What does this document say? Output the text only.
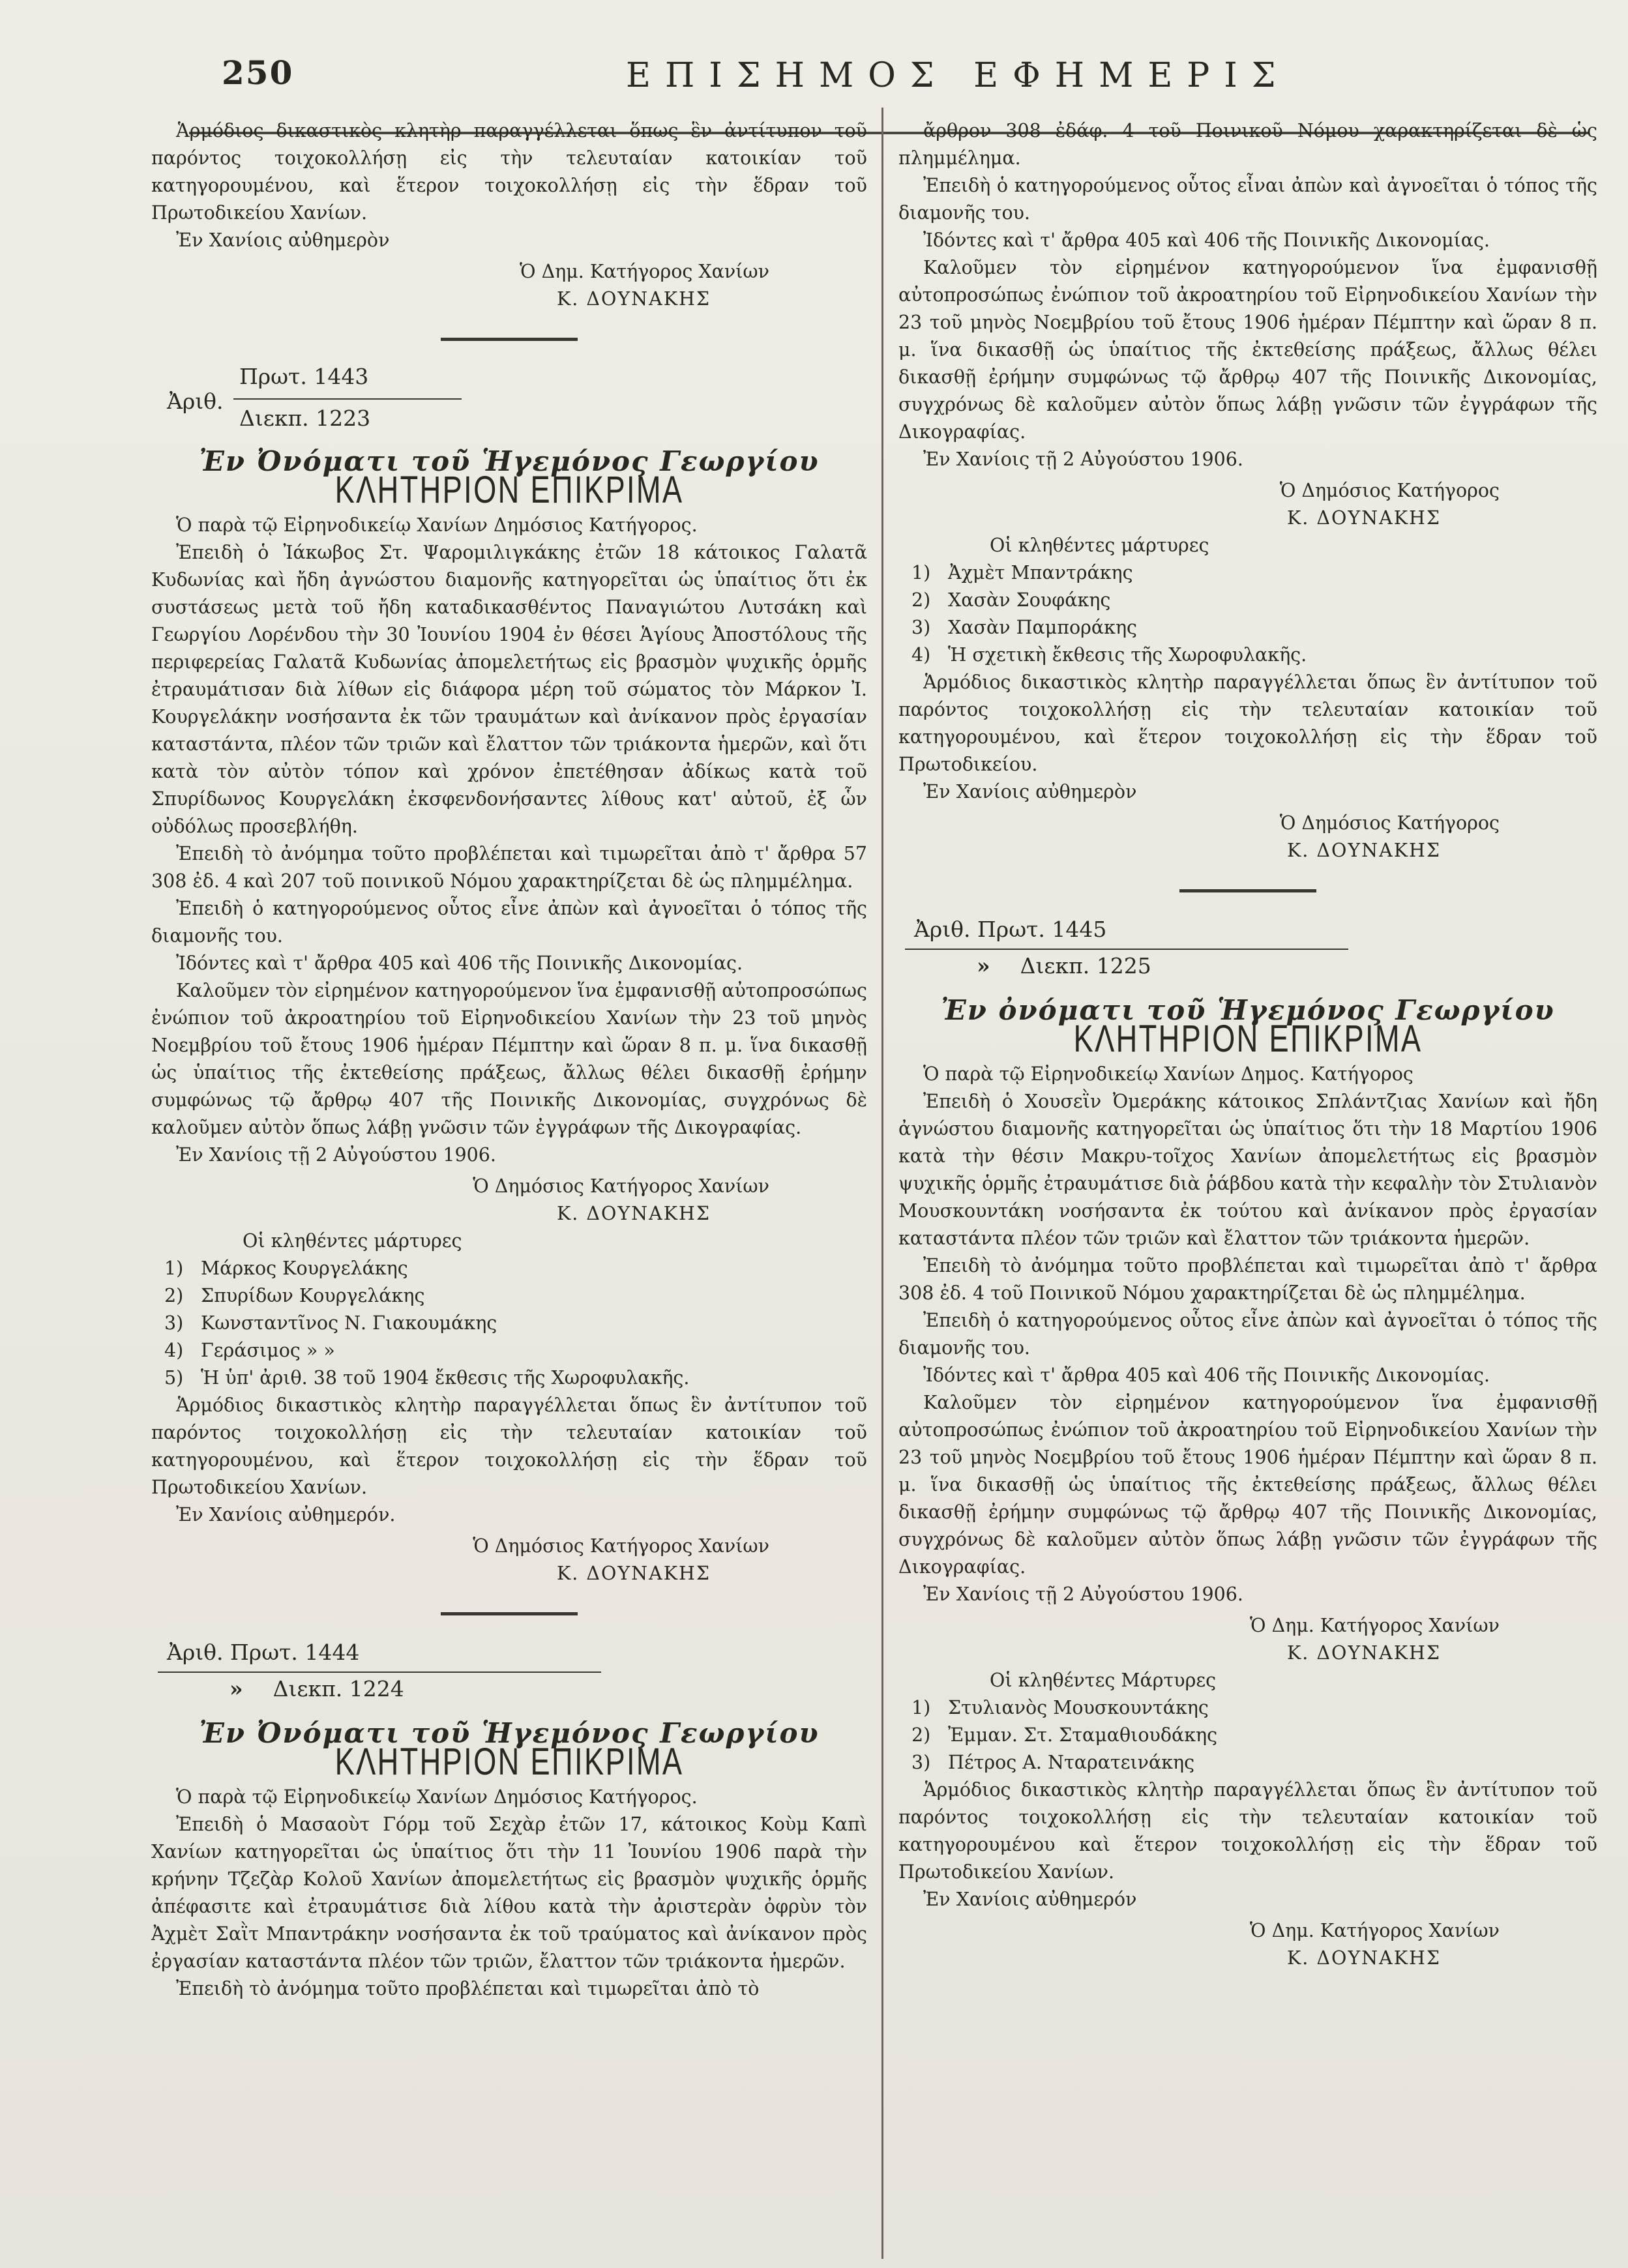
250	ΕΠΙΣΗΜΟΣ ΕΦΗΜΕΡΙΣ

Ἁρμόδιος δικαστικὸς κλητὴρ παραγγέλλεται ὅπως ἓν ἀντίτυπον τοῦ παρόντος τοιχοκολλήσῃ εἰς τὴν τελευταίαν κατοικίαν τοῦ κατηγορουμένου, καὶ ἕτερον τοιχοκολλήσῃ εἰς τὴν ἕδραν τοῦ Πρωτοδικείου Χανίων.

Ἐν Χανίοις αὐθημερὸν

Ὁ Δημ. Κατήγορος Χανίων
Κ. ΔΟΥΝΑΚΗΣ
Ἀριθ.
Πρωτ. 1443
Διεκπ. 1223
Ἐν Ὀνόματι τοῦ Ἡγεμόνος Γεωργίου
ΚΛΗΤΗΡΙΟΝ ΕΠΙΚΡΙΜΑ

Ὁ παρὰ τῷ Εἰρηνοδικείῳ Χανίων Δημόσιος Κατήγορος.

Ἐπειδὴ ὁ Ἰάκωβος Στ. Ψαρομιλιγκάκης ἐτῶν 18 κάτοικος Γαλατᾶ Κυδωνίας καὶ ἤδη ἀγνώστου διαμονῆς κατηγορεῖται ὡς ὑπαίτιος ὅτι ἐκ συστάσεως μετὰ τοῦ ἤδη καταδικασθέντος Παναγιώτου Λυτσάκη καὶ Γεωργίου Λορένδου τὴν 30 Ἰουνίου 1904 ἐν θέσει Ἁγίους Ἀποστόλους τῆς περιφερείας Γαλατᾶ Κυδωνίας ἀπομελετήτως εἰς βρασμὸν ψυχικῆς ὁρμῆς ἐτραυμάτισαν διὰ λίθων εἰς διάφορα μέρη τοῦ σώματος τὸν Μάρκον Ἰ. Κουργελάκην νοσήσαντα ἐκ τῶν τραυμάτων καὶ ἀνίκανον πρὸς ἐργασίαν καταστάντα, πλέον τῶν τριῶν καὶ ἔλαττον τῶν τριάκοντα ἡμερῶν, καὶ ὅτι κατὰ τὸν αὐτὸν τόπον καὶ χρόνον ἐπετέθησαν ἀδίκως κατὰ τοῦ Σπυρίδωνος Κουργελάκη ἐκσφενδονήσαντες λίθους κατ' αὐτοῦ, ἐξ ὧν οὐδόλως προσεβλήθη.

Ἐπειδὴ τὸ ἀνόμημα τοῦτο προβλέπεται καὶ τιμωρεῖται ἀπὸ τ' ἄρθρα 57 308 ἐδ. 4 καὶ 207 τοῦ ποινικοῦ Νόμου χαρακτηρίζεται δὲ ὡς πλημμέλημα.

Ἐπειδὴ ὁ κατηγορούμενος οὗτος εἶνε ἀπὼν καὶ ἀγνοεῖται ὁ τόπος τῆς διαμονῆς του.

Ἰδόντες καὶ τ' ἄρθρα 405 καὶ 406 τῆς Ποινικῆς Δικονομίας.

Καλοῦμεν τὸν εἰρημένον κατηγορούμενον ἵνα ἐμφανισθῇ αὐτοπροσώπως ἐνώπιον τοῦ ἀκροατηρίου τοῦ Εἰρηνοδικείου Χανίων τὴν 23 τοῦ μηνὸς Νοεμβρίου τοῦ ἔτους 1906 ἡμέραν Πέμπτην καὶ ὥραν 8 π. μ. ἵνα δικασθῇ ὡς ὑπαίτιος τῆς ἐκτεθείσης πράξεως, ἄλλως θέλει δικασθῇ ἐρήμην συμφώνως τῷ ἄρθρῳ 407 τῆς Ποινικῆς Δικονομίας, συγχρόνως δὲ καλοῦμεν αὐτὸν ὅπως λάβῃ γνῶσιν τῶν ἐγγράφων τῆς Δικογραφίας.

Ἐν Χανίοις τῇ 2 Αὐγούστου 1906.

Ὁ Δημόσιος Κατήγορος Χανίων
Κ. ΔΟΥΝΑΚΗΣ

Οἱ κληθέντες μάρτυρες

1) Μάρκος Κουργελάκης
2) Σπυρίδων Κουργελάκης
3) Κωνσταντῖνος Ν. Γιακουμάκης
4) Γεράσιμος » »
5) Ἡ ὑπ' ἀριθ. 38 τοῦ 1904 ἔκθεσις τῆς Χωροφυλακῆς.

Ἁρμόδιος δικαστικὸς κλητὴρ παραγγέλλεται ὅπως ἓν ἀντίτυπον τοῦ παρόντος τοιχοκολλήσῃ εἰς τὴν τελευταίαν κατοικίαν τοῦ κατηγορουμένου, καὶ ἕτερον τοιχοκολλήσῃ εἰς τὴν ἕδραν τοῦ Πρωτοδικείου Χανίων.

Ἐν Χανίοις αὐθημερόν.

Ὁ Δημόσιος Κατήγορος Χανίων
Κ. ΔΟΥΝΑΚΗΣ
Ἀριθ. Πρωτ. 1444
» Διεκπ. 1224
Ἐν Ὀνόματι τοῦ Ἡγεμόνος Γεωργίου
ΚΛΗΤΗΡΙΟΝ ΕΠΙΚΡΙΜΑ

Ὁ παρὰ τῷ Εἰρηνοδικείῳ Χανίων Δημόσιος Κατήγορος.

Ἐπειδὴ ὁ Μασαοὺτ Γόρμ τοῦ Σεχὰρ ἐτῶν 17, κάτοικος Κοὺμ Καπὶ Χανίων κατηγορεῖται ὡς ὑπαίτιος ὅτι τὴν 11 Ἰουνίου 1906 παρὰ τὴν κρήνην Τζεζὰρ Κολοῦ Χανίων ἀπομελετήτως εἰς βρασμὸν ψυχικῆς ὁρμῆς ἀπέφασιτε καὶ ἐτραυμάτισε διὰ λίθου κατὰ τὴν ἀριστερὰν ὀφρὺν τὸν Ἀχμὲτ Σαῒτ Μπαντράκην νοσήσαντα ἐκ τοῦ τραύματος καὶ ἀνίκανον πρὸς ἐργασίαν καταστάντα πλέον τῶν τριῶν, ἔλαττον τῶν τριάκοντα ἡμερῶν.

Ἐπειδὴ τὸ ἀνόμημα τοῦτο προβλέπεται καὶ τιμωρεῖται ἀπὸ τὸ

ἄρθρον 308 ἐδάφ. 4 τοῦ Ποινικοῦ Νόμου χαρακτηρίζεται δὲ ὡς πλημμέλημα.

Ἐπειδὴ ὁ κατηγορούμενος οὗτος εἶναι ἀπὼν καὶ ἀγνοεῖται ὁ τόπος τῆς διαμονῆς του.

Ἰδόντες καὶ τ' ἄρθρα 405 καὶ 406 τῆς Ποινικῆς Δικονομίας.

Καλοῦμεν τὸν εἰρημένον κατηγορούμενον ἵνα ἐμφανισθῇ αὐτοπροσώπως ἐνώπιον τοῦ ἀκροατηρίου τοῦ Εἰρηνοδικείου Χανίων τὴν 23 τοῦ μηνὸς Νοεμβρίου τοῦ ἔτους 1906 ἡμέραν Πέμπτην καὶ ὥραν 8 π. μ. ἵνα δικασθῇ ὡς ὑπαίτιος τῆς ἐκτεθείσης πράξεως, ἄλλως θέλει δικασθῇ ἐρήμην συμφώνως τῷ ἄρθρῳ 407 τῆς Ποινικῆς Δικονομίας, συγχρόνως δὲ καλοῦμεν αὐτὸν ὅπως λάβῃ γνῶσιν τῶν ἐγγράφων τῆς Δικογραφίας.

Ἐν Χανίοις τῇ 2 Αὐγούστου 1906.

Ὁ Δημόσιος Κατήγορος
Κ. ΔΟΥΝΑΚΗΣ

Οἱ κληθέντες μάρτυρες

1) Ἀχμὲτ Μπαντράκης
2) Χασὰν Σουφάκης
3) Χασὰν Παμπoράκης
4) Ἡ σχετικὴ ἔκθεσις τῆς Χωροφυλακῆς.

Ἁρμόδιος δικαστικὸς κλητὴρ παραγγέλλεται ὅπως ἓν ἀντίτυπον τοῦ παρόντος τοιχοκολλήσῃ εἰς τὴν τελευταίαν κατοικίαν τοῦ κατηγορουμένου, καὶ ἕτερον τοιχοκολλήσῃ εἰς τὴν ἕδραν τοῦ Πρωτοδικείου.

Ἐν Χανίοις αὐθημερὸν

Ὁ Δημόσιος Κατήγορος
Κ. ΔΟΥΝΑΚΗΣ
Ἀριθ. Πρωτ. 1445
» Διεκπ. 1225
Ἐν ὀνόματι τοῦ Ἡγεμόνος Γεωργίου
ΚΛΗΤΗΡΙΟΝ ΕΠΙΚΡΙΜΑ

Ὁ παρὰ τῷ Εἰρηνοδικείῳ Χανίων Δημος. Κατήγορος

Ἐπειδὴ ὁ Χουσεῒν Ὀμεράκης κάτοικος Σπλάντζιας Χανίων καὶ ἤδη ἀγνώστου διαμονῆς κατηγορεῖται ὡς ὑπαίτιος ὅτι τὴν 18 Μαρτίου 1906 κατὰ τὴν θέσιν Μακρυ-τοῖχος Χανίων ἀπομελετήτως εἰς βρασμὸν ψυχικῆς ὁρμῆς ἐτραυμάτισε διὰ ῥάβδου κατὰ τὴν κεφαλὴν τὸν Στυλιανὸν Μουσκουντάκη νοσήσαντα ἐκ τούτου καὶ ἀνίκανον πρὸς ἐργασίαν καταστάντα πλέον τῶν τριῶν καὶ ἔλαττον τῶν τριάκοντα ἡμερῶν.

Ἐπειδὴ τὸ ἀνόμημα τοῦτο προβλέπεται καὶ τιμωρεῖται ἀπὸ τ' ἄρθρα 308 ἐδ. 4 τοῦ Ποινικοῦ Νόμου χαρακτηρίζεται δὲ ὡς πλημμέλημα.

Ἐπειδὴ ὁ κατηγορούμενος οὗτος εἶνε ἀπὼν καὶ ἀγνοεῖται ὁ τόπος τῆς διαμονῆς του.

Ἰδόντες καὶ τ' ἄρθρα 405 καὶ 406 τῆς Ποινικῆς Δικονομίας.

Καλοῦμεν τὸν εἰρημένον κατηγορούμενον ἵνα ἐμφανισθῇ αὐτοπροσώπως ἐνώπιον τοῦ ἀκροατηρίου τοῦ Εἰρηνοδικείου Χανίων τὴν 23 τοῦ μηνὸς Νοεμβρίου τοῦ ἔτους 1906 ἡμέραν Πέμπτην καὶ ὥραν 8 π. μ. ἵνα δικασθῇ ὡς ὑπαίτιος τῆς ἐκτεθείσης πράξεως, ἄλλως θέλει δικασθῇ ἐρήμην συμφώνως τῷ ἄρθρῳ 407 τῆς Ποινικῆς Δικονομίας, συγχρόνως δὲ καλοῦμεν αὐτὸν ὅπως λάβῃ γνῶσιν τῶν ἐγγράφων τῆς Δικογραφίας.

Ἐν Χανίοις τῇ 2 Αὐγούστου 1906.

Ὁ Δημ. Κατήγορος Χανίων
Κ. ΔΟΥΝΑΚΗΣ

Οἱ κληθέντες Μάρτυρες

1) Στυλιανὸς Μουσκουντάκης
2) Ἐμμαν. Στ. Σταμαθιουδάκης
3) Πέτρος Α. Νταρατεινάκης

Ἁρμόδιος δικαστικὸς κλητὴρ παραγγέλλεται ὅπως ἓν ἀντίτυπον τοῦ παρόντος τοιχοκολλήσῃ εἰς τὴν τελευταίαν κατοικίαν τοῦ κατηγορουμένου καὶ ἕτερον τοιχοκολλήσῃ εἰς τὴν ἕδραν τοῦ Πρωτοδικείου Χανίων.

Ἐν Χανίοις αὐθημερόν

Ὁ Δημ. Κατήγορος Χανίων
Κ. ΔΟΥΝΑΚΗΣ
